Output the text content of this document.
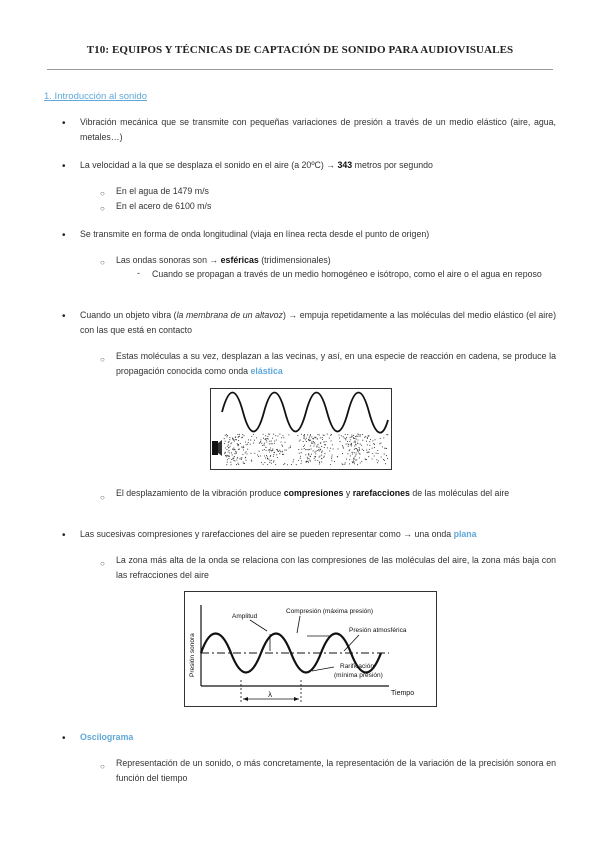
T10: EQUIPOS Y TÉCNICAS DE CAPTACIÓN DE SONIDO PARA AUDIOVISUALES
1. Introducción al sonido
• Vibración mecánica que se transmite con pequeñas variaciones de presión a través de un medio elástico (aire, agua, metales…)
• La velocidad a la que se desplaza el sonido en el aire (a 20ºC) → 343 metros por segundo
○ En el agua de 1479 m/s
○ En el acero de 6100 m/s
• Se transmite en forma de onda longitudinal (viaja en línea recta desde el punto de origen)
○ Las ondas sonoras son → esféricas (tridimensionales)
- Cuando se propagan a través de un medio homogéneo e isótropo, como el aire o el agua en reposo
• Cuando un objeto vibra (la membrana de un altavoz) → empuja repetidamente a las moléculas del medio elástico (el aire) con las que está en contacto
○ Estas moléculas a su vez, desplazan a las vecinas, y así, en una especie de reacción en cadena, se produce la propagación conocida como onda elástica
○ El desplazamiento de la vibración produce compresiones y rarefacciones de las moléculas del aire
• Las sucesivas compresiones y rarefacciones del aire se pueden representar como → una onda plana
○ La zona más alta de la onda se relaciona con las compresiones de las moléculas del aire, la zona más baja con las refracciones del aire
Presión sonora
Tiempo
Amplitud
Compresión (máxima presión)
Presión atmosférica
Rarificación
(mínima presión)
λ
• Oscilograma
○ Representación de un sonido, o más concretamente, la representación de la variación de la precisión sonora en función del tiempo
